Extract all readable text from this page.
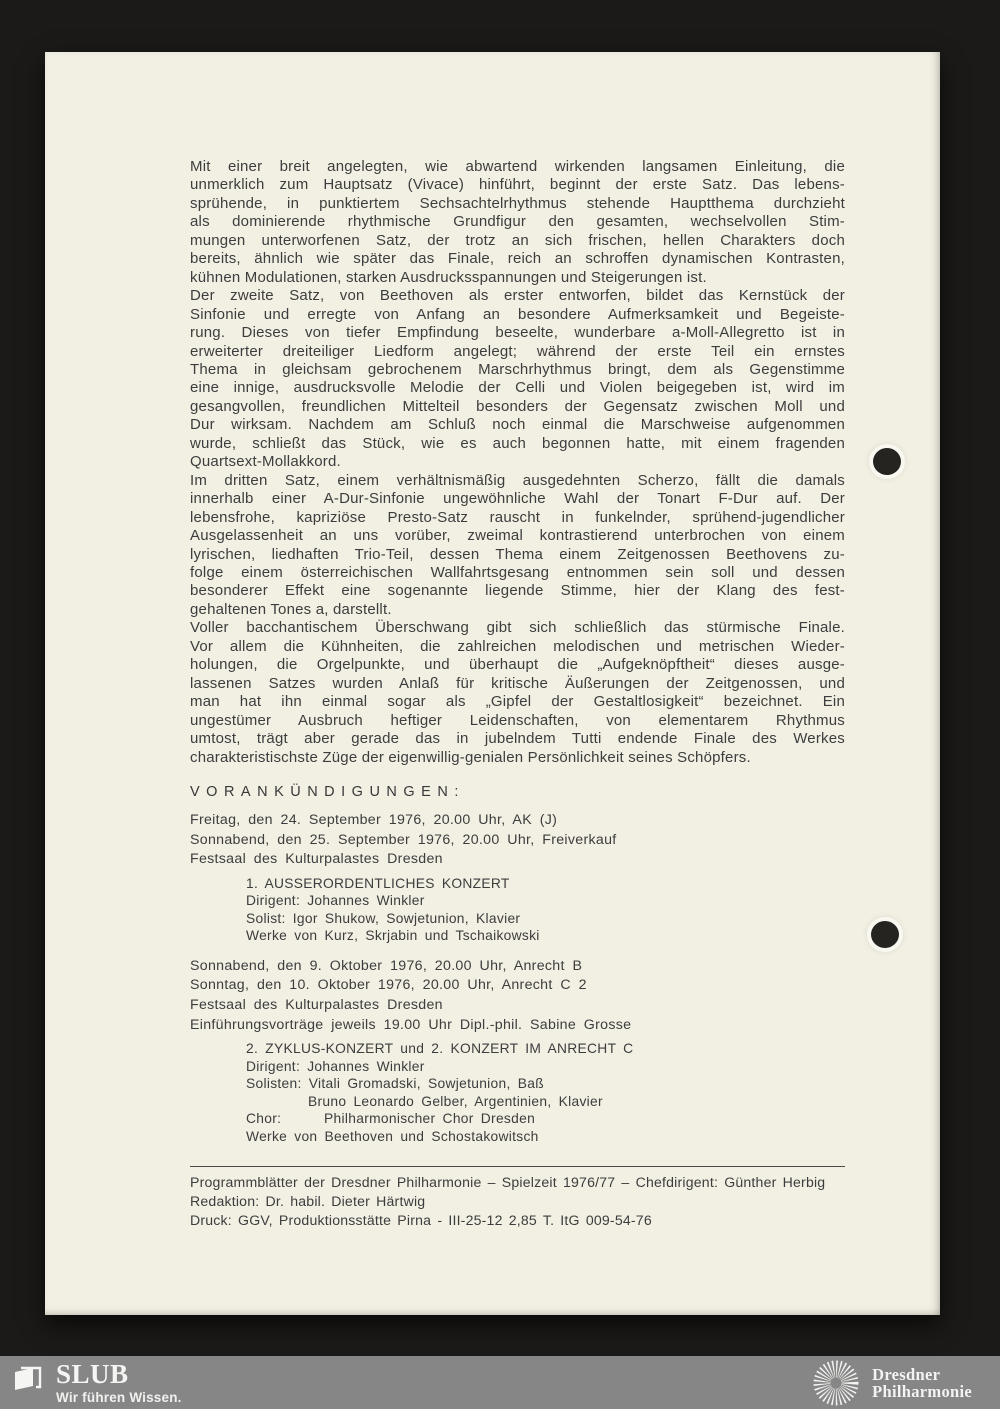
Mit einer breit angelegten, wie abwartend wirkenden langsamen Einleitung, die
unmerklich zum Hauptsatz (Vivace) hinführt, beginnt der erste Satz. Das lebens-
sprühende, in punktiertem Sechsachtelrhythmus stehende Hauptthema durchzieht
als dominierende rhythmische Grundfigur den gesamten, wechselvollen Stim-
mungen unterworfenen Satz, der trotz an sich frischen, hellen Charakters doch
bereits, ähnlich wie später das Finale, reich an schroffen dynamischen Kontrasten,
kühnen Modulationen, starken Ausdrucksspannungen und Steigerungen ist.
Der zweite Satz, von Beethoven als erster entworfen, bildet das Kernstück der
Sinfonie und erregte von Anfang an besondere Aufmerksamkeit und Begeiste-
rung. Dieses von tiefer Empfindung beseelte, wunderbare a-Moll-Allegretto ist in
erweiterter dreiteiliger Liedform angelegt; während der erste Teil ein ernstes
Thema in gleichsam gebrochenem Marschrhythmus bringt, dem als Gegenstimme
eine innige, ausdrucksvolle Melodie der Celli und Violen beigegeben ist, wird im
gesangvollen, freundlichen Mittelteil besonders der Gegensatz zwischen Moll und
Dur wirksam. Nachdem am Schluß noch einmal die Marschweise aufgenommen
wurde, schließt das Stück, wie es auch begonnen hatte, mit einem fragenden
Quartsext-Mollakkord.
Im dritten Satz, einem verhältnismäßig ausgedehnten Scherzo, fällt die damals
innerhalb einer A-Dur-Sinfonie ungewöhnliche Wahl der Tonart F-Dur auf. Der
lebensfrohe, kapriziöse Presto-Satz rauscht in funkelnder, sprühend-jugendlicher
Ausgelassenheit an uns vorüber, zweimal kontrastierend unterbrochen von einem
lyrischen, liedhaften Trio-Teil, dessen Thema einem Zeitgenossen Beethovens zu-
folge einem österreichischen Wallfahrtsgesang entnommen sein soll und dessen
besonderer Effekt eine sogenannte liegende Stimme, hier der Klang des fest-
gehaltenen Tones a, darstellt.
Voller bacchantischem Überschwang gibt sich schließlich das stürmische Finale.
Vor allem die Kühnheiten, die zahlreichen melodischen und metrischen Wieder-
holungen, die Orgelpunkte, und überhaupt die „Aufgeknöpftheit“ dieses ausge-
lassenen Satzes wurden Anlaß für kritische Äußerungen der Zeitgenossen, und
man hat ihn einmal sogar als „Gipfel der Gestaltlosigkeit“ bezeichnet. Ein
ungestümer Ausbruch heftiger Leidenschaften, von elementarem Rhythmus
umtost, trägt aber gerade das in jubelndem Tutti endende Finale des Werkes
charakteristischste Züge der eigenwillig-genialen Persönlichkeit seines Schöpfers.
VORANKÜNDIGUNGEN:
Freitag, den 24. September 1976, 20.00 Uhr, AK (J)
Sonnabend, den 25. September 1976, 20.00 Uhr, Freiverkauf
Festsaal des Kulturpalastes Dresden
1. AUSSERORDENTLICHES KONZERT
Dirigent: Johannes Winkler
Solist: Igor Shukow, Sowjetunion, Klavier
Werke von Kurz, Skrjabin und Tschaikowski
Sonnabend, den 9. Oktober 1976, 20.00 Uhr, Anrecht B
Sonntag, den 10. Oktober 1976, 20.00 Uhr, Anrecht C 2
Festsaal des Kulturpalastes Dresden
Einführungsvorträge jeweils 19.00 Uhr Dipl.-phil. Sabine Grosse
2. ZYKLUS-KONZERT und 2. KONZERT IM ANRECHT C
Dirigent: Johannes Winkler
Solisten: Vitali Gromadski, Sowjetunion, Baß
Bruno Leonardo Gelber, Argentinien, Klavier
Chor:      Philharmonischer Chor Dresden
Werke von Beethoven und Schostakowitsch
Programmblätter der Dresdner Philharmonie – Spielzeit 1976/77 – Chefdirigent: Günther Herbig
Redaktion: Dr. habil. Dieter Härtwig
Druck: GGV, Produktionsstätte Pirna - III-25-12 2,85 T. ItG 009-54-76
SLUB
Wir führen Wissen.
Dresdner
Philharmonie
